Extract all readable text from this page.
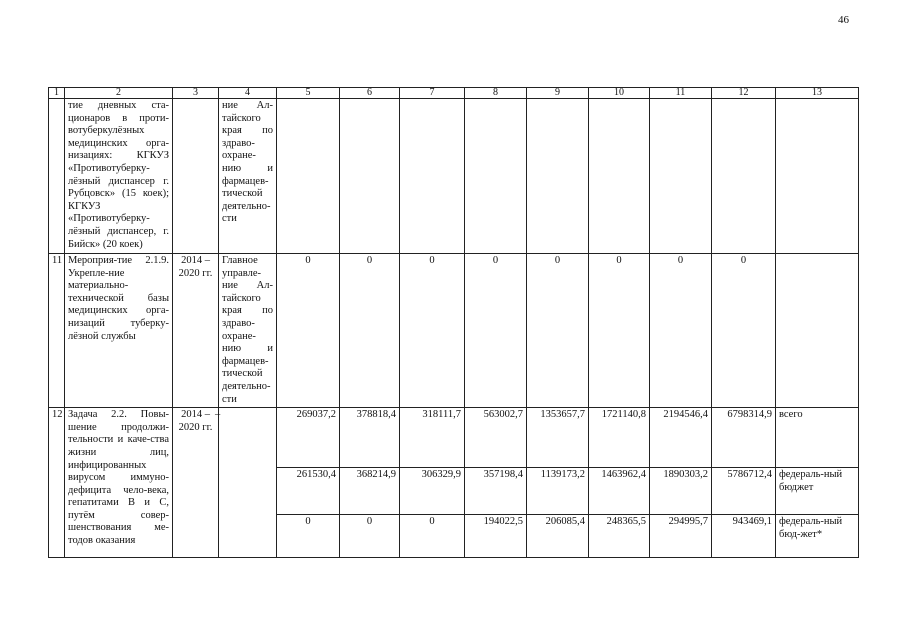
46
1	2	3	4	5	6	7	8	9	10	11	12	13
	тие дневных ста-ционаров в проти-вотуберкулёзных медицинских орга-низациях: КГКУЗ «Противотуберку-лёзный диспансер г. Рубцовск» (15 коек); КГКУЗ «Противотуберку-лёзный диспансер, г. Бийск» (20 коек)		ние Ал-тайского края по здраво-охране-нию и фармацев-тической деятельно-сти									
11	Мероприя-тие 2.1.9. Укрепле-ние материально-технической базы медицинских орга-низаций туберку-лёзной службы	2014 – 2020 гг.	Главное управле-ние Ал-тайского края по здраво-охране-нию и фармацев-тической деятельно-сти	0	0	0	0	0	0	0	0	
12	Задача 2.2. Повы-шение продолжи-тельности и каче-ства жизни лиц, инфицированных вирусом иммуно-дефицита чело-века, гепатитами В и С, путём совер-шенствования ме-тодов оказания	2014 – 2020 гг.	–	269037,2	378818,4	318111,7	563002,7	1353657,7	1721140,8	2194546,4	6798314,9	всего
				261530,4	368214,9	306329,9	357198,4	1139173,2	1463962,4	1890303,2	5786712,4	федераль-ный бюджет
				0	0	0	194022,5	206085,4	248365,5	294995,7	943469,1	федераль-ный бюд-жет*
